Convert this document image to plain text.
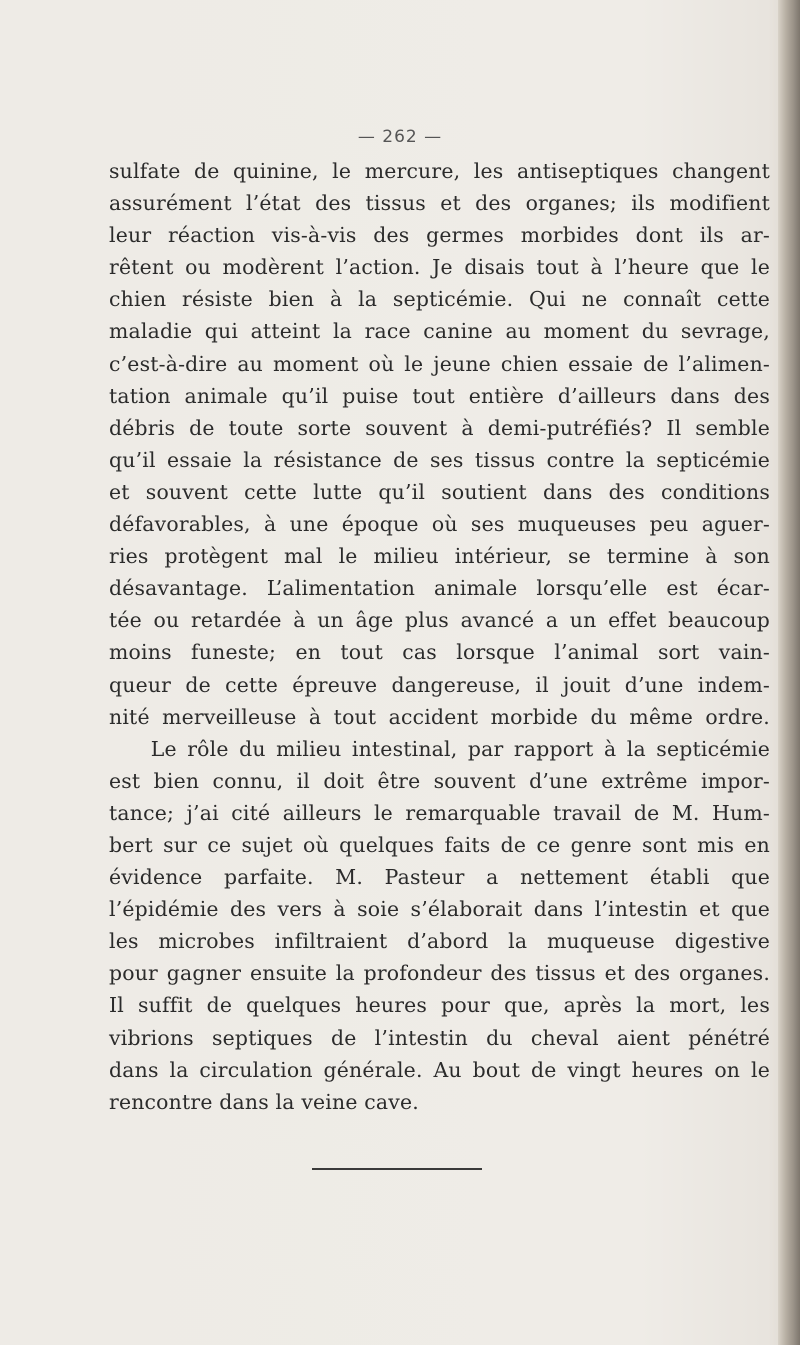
— 262 —
sulfate de quinine, le mercure, les antiseptiques changent
assurément l’état des tissus et des organes; ils modifient
leur réaction vis-à-vis des germes morbides dont ils ar-
rêtent ou modèrent l’action. Je disais tout à l’heure que le
chien résiste bien à la septicémie. Qui ne connaît cette
maladie qui atteint la race canine au moment du sevrage,
c’est-à-dire au moment où le jeune chien essaie de l’alimen-
tation animale qu’il puise tout entière d’ailleurs dans des
débris de toute sorte souvent à demi-putréfiés? Il semble
qu’il essaie la résistance de ses tissus contre la septicémie
et souvent cette lutte qu’il soutient dans des conditions
défavorables, à une époque où ses muqueuses peu aguer-
ries protègent mal le milieu intérieur, se termine à son
désavantage. L’alimentation animale lorsqu’elle est écar-
tée ou retardée à un âge plus avancé a un effet beaucoup
moins funeste; en tout cas lorsque l’animal sort vain-
queur de cette épreuve dangereuse, il jouit d’une indem-
nité merveilleuse à tout accident morbide du même ordre.
Le rôle du milieu intestinal, par rapport à la septicémie
est bien connu, il doit être souvent d’une extrême impor-
tance; j’ai cité ailleurs le remarquable travail de M. Hum-
bert sur ce sujet où quelques faits de ce genre sont mis en
évidence parfaite. M. Pasteur a nettement établi que
l’épidémie des vers à soie s’élaborait dans l’intestin et que
les microbes infiltraient d’abord la muqueuse digestive
pour gagner ensuite la profondeur des tissus et des organes.
Il suffit de quelques heures pour que, après la mort, les
vibrions septiques de l’intestin du cheval aient pénétré
dans la circulation générale. Au bout de vingt heures on le
rencontre dans la veine cave.
